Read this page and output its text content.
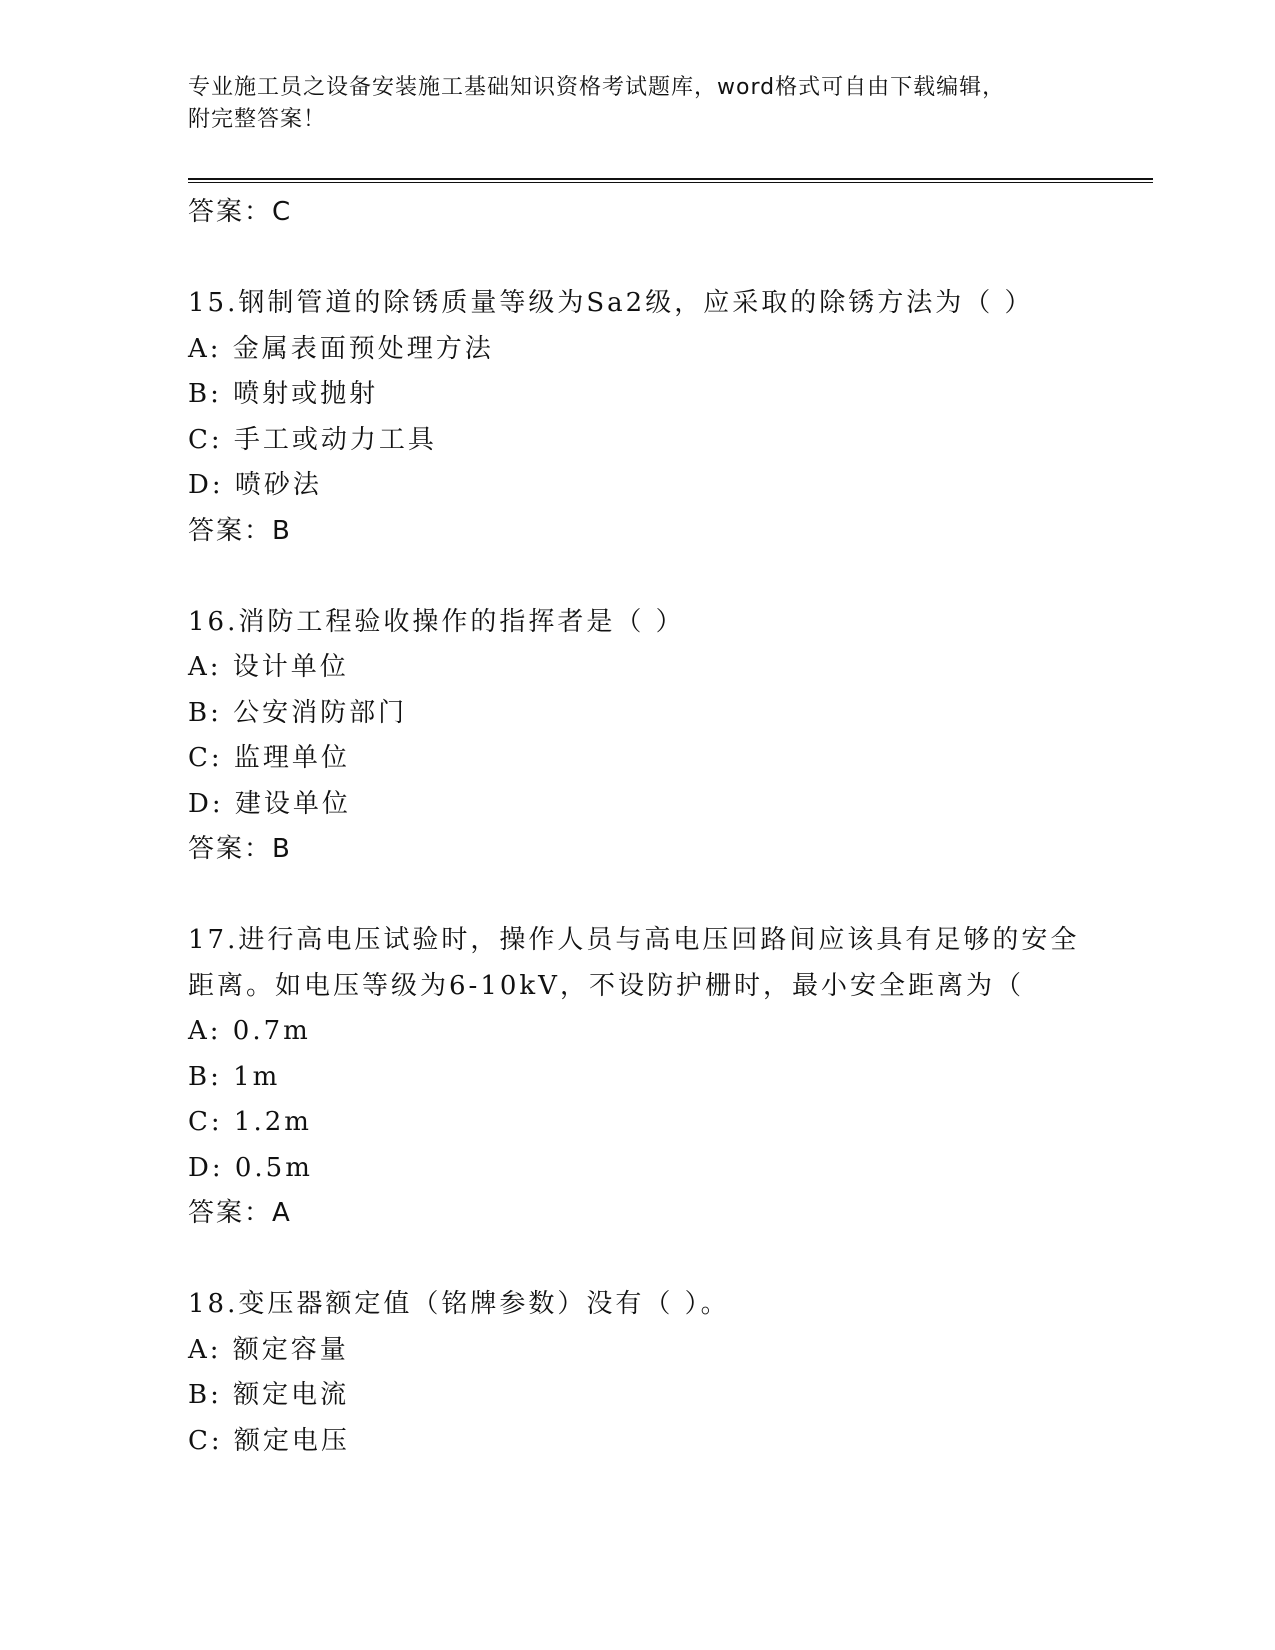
专业施工员之设备安装施工基础知识资格考试题库，word格式可自由下载编辑，
附完整答案！
答案：C
15.钢制管道的除锈质量等级为Sa2级，应采取的除锈方法为（ ）
A: 金属表面预处理方法
B: 喷射或抛射
C: 手工或动力工具
D: 喷砂法
答案：B
16.消防工程验收操作的指挥者是（ ）
A: 设计单位
B: 公安消防部门
C: 监理单位
D: 建设单位
答案：B
17.进行高电压试验时，操作人员与高电压回路间应该具有足够的安全
距离。如电压等级为6-10kV，不设防护栅时，最小安全距离为（
A: 0.7m
B: 1m
C: 1.2m
D: 0.5m
答案：A
18.变压器额定值（铭牌参数）没有（ ）。
A: 额定容量
B: 额定电流
C: 额定电压
